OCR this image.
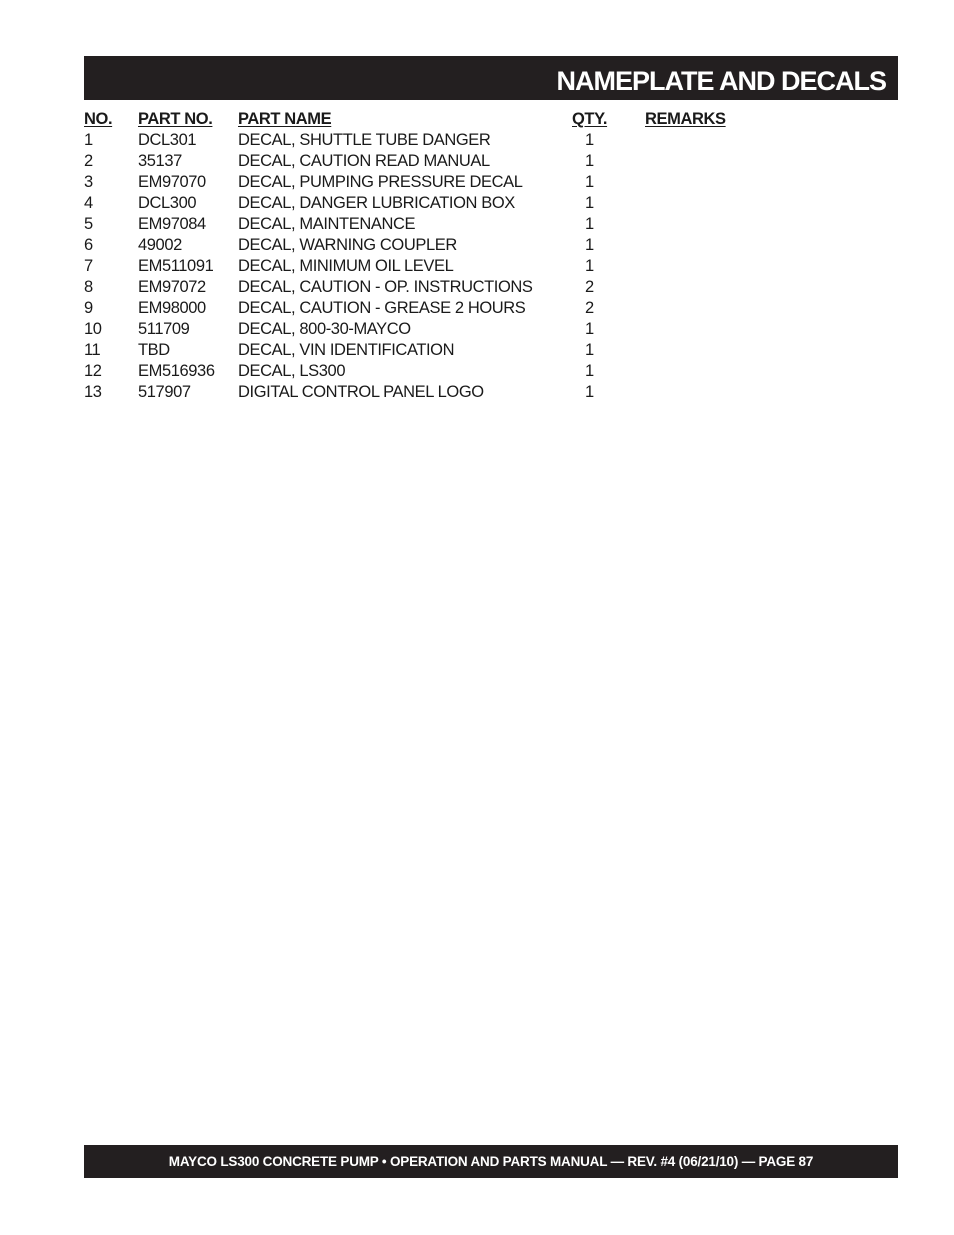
NAMEPLATE AND DECALS
NO. PART NO. PART NAME	QTY. REMARKS
1	DCL301	DECAL, SHUTTLE TUBE DANGER	1
2	35137	DECAL, CAUTION READ MANUAL	1
3	EM97070 DECAL, PUMPING PRESSURE DECAL	1
4	DCL300	DECAL, DANGER LUBRICATION BOX	1
5	EM97084 DECAL, MAINTENANCE	1
6	49002	DECAL, WARNING COUPLER	1
7	EM511091 DECAL, MINIMUM OIL LEVEL	1
8	EM97072 DECAL, CAUTION - OP. INSTRUCTIONS	2
9	EM98000 DECAL, CAUTION - GREASE 2 HOURS	2
10 511709	DECAL, 800-30-MAYCO	1
11 TBD	DECAL, VIN IDENTIFICATION	1
12 EM516936 DECAL, LS300	1
13 517907	DIGITAL CONTROL PANEL LOGO	1
MAYCO LS300 CONCRETE PUMP • OPERATION AND PARTS MANUAL — REV. #4 (06/21/10) — PAGE 87
